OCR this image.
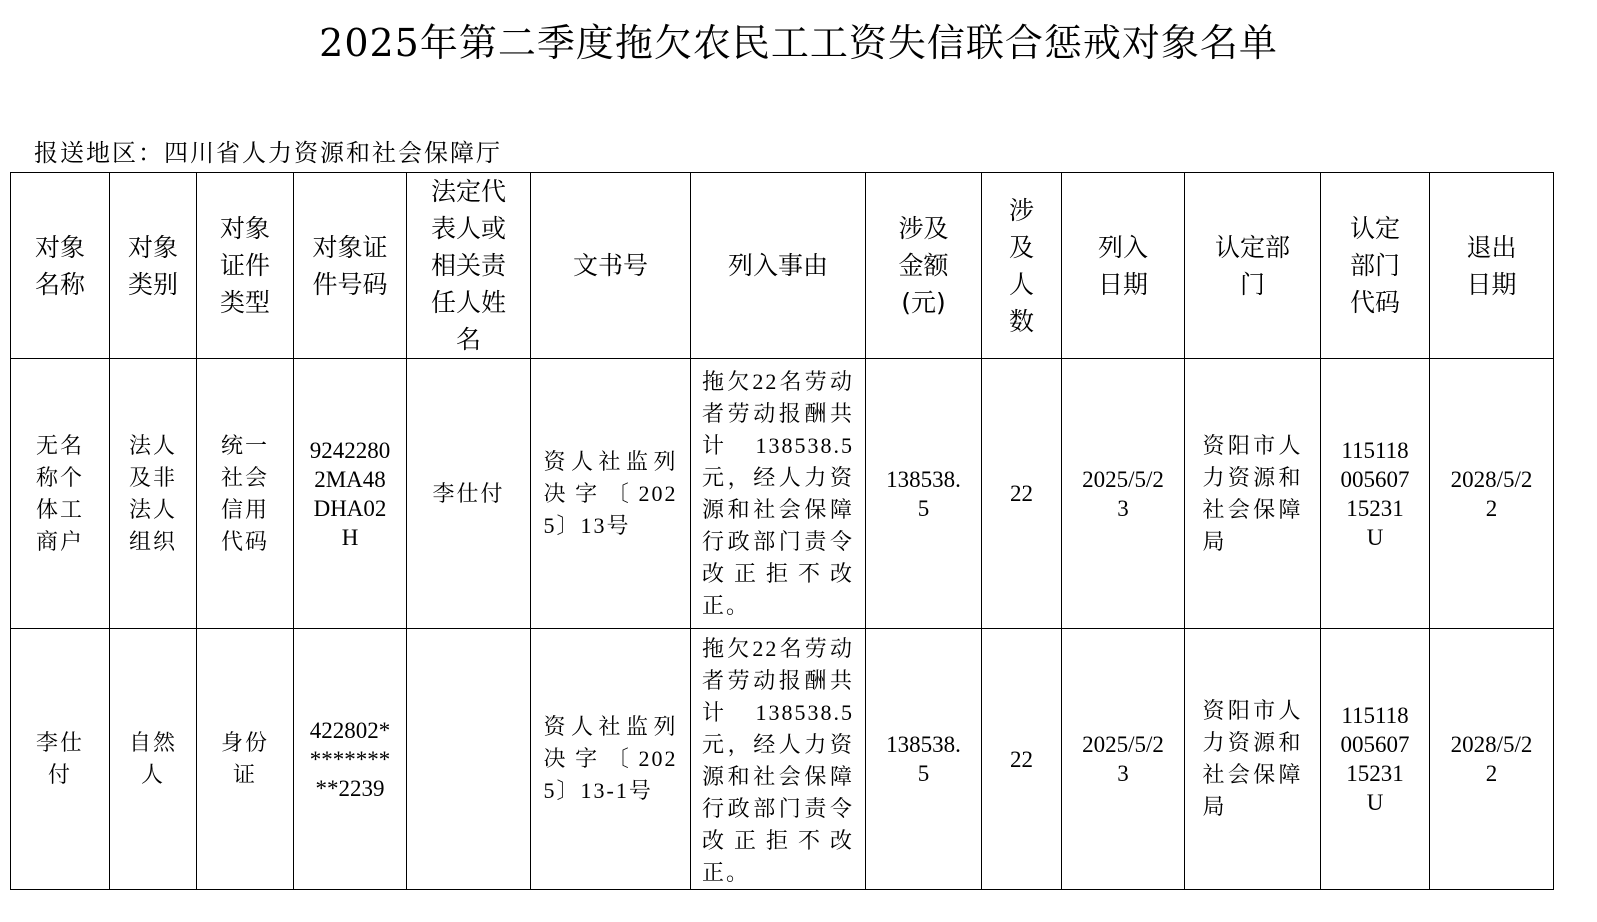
2025年第二季度拖欠农民工工资失信联合惩戒对象名单
报送地区：四川省人力资源和社会保障厅
对象名称	对象类别	对象证件类型	对象证件号码	法定代表人或相关责任人姓名	文书号	列入事由	涉及金额(元)	涉及人数	列入日期	认定部门	认定部门代码	退出日期

无名称个体工商户	法人及非法人组织	统一社会信用代码	92422802MA48DHA02H	李仕付	资人社监列决字〔2025〕13号	拖欠22名劳动者劳动报酬共计138538.5元，经人力资源和社会保障行政部门责令改正拒不改正。	138538.5	22	2025/5/23	资阳市人力资源和社会保障局	11511800560715231U	2028/5/22

李仕付	自然人	身份证	422802**********2239		资人社监列决字〔2025〕13-1号	拖欠22名劳动者劳动报酬共计138538.5元，经人力资源和社会保障行政部门责令改正拒不改正。	138538.5	22	2025/5/23	资阳市人力资源和社会保障局	11511800560715231U	2028/5/22
